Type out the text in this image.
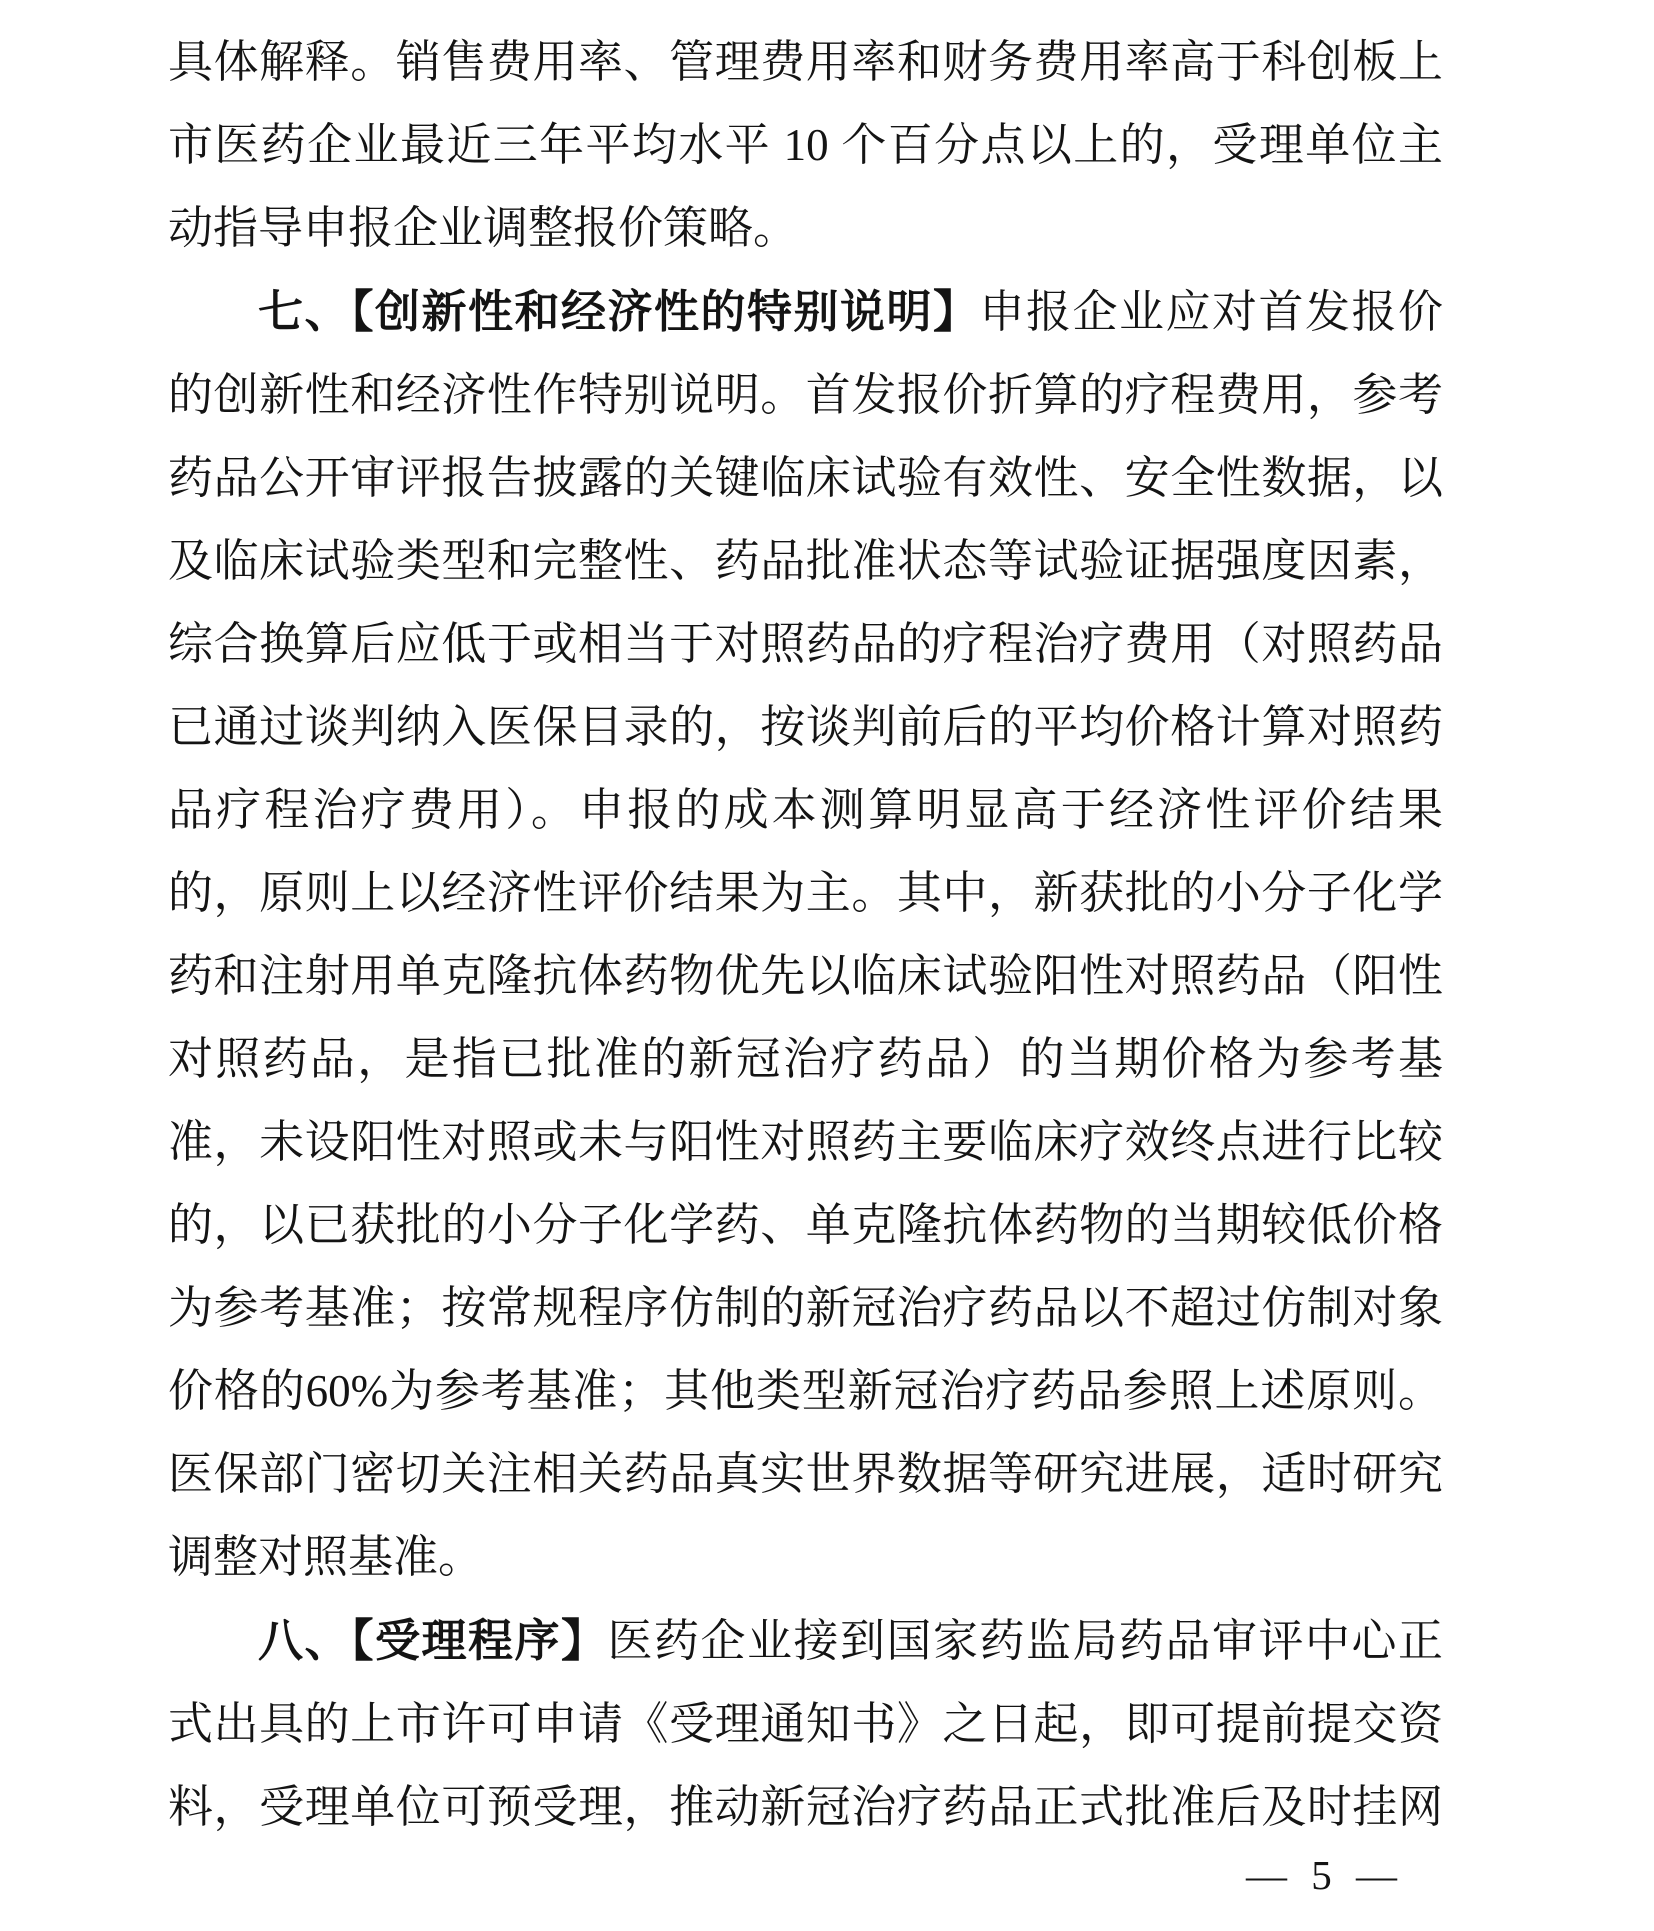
具体解释。销售费用率、管理费用率和财务费用率高于科创板上市医药企业最近三年平均水平 10 个百分点以上的，受理单位主动指导申报企业调整报价策略。

七、【创新性和经济性的特别说明】申报企业应对首发报价的创新性和经济性作特别说明。首发报价折算的疗程费用，参考药品公开审评报告披露的关键临床试验有效性、安全性数据，以及临床试验类型和完整性、药品批准状态等试验证据强度因素，综合换算后应低于或相当于对照药品的疗程治疗费用（对照药品已通过谈判纳入医保目录的，按谈判前后的平均价格计算对照药品疗程治疗费用）。申报的成本测算明显高于经济性评价结果的，原则上以经济性评价结果为主。其中，新获批的小分子化学药和注射用单克隆抗体药物优先以临床试验阳性对照药品（阳性对照药品，是指已批准的新冠治疗药品）的当期价格为参考基准，未设阳性对照或未与阳性对照药主要临床疗效终点进行比较的，以已获批的小分子化学药、单克隆抗体药物的当期较低价格为参考基准；按常规程序仿制的新冠治疗药品以不超过仿制对象价格的60%为参考基准；其他类型新冠治疗药品参照上述原则。医保部门密切关注相关药品真实世界数据等研究进展，适时研究调整对照基准。

八、【受理程序】医药企业接到国家药监局药品审评中心正式出具的上市许可申请《受理通知书》之日起，即可提前提交资料，受理单位可预受理，推动新冠治疗药品正式批准后及时挂网

— 5 —
